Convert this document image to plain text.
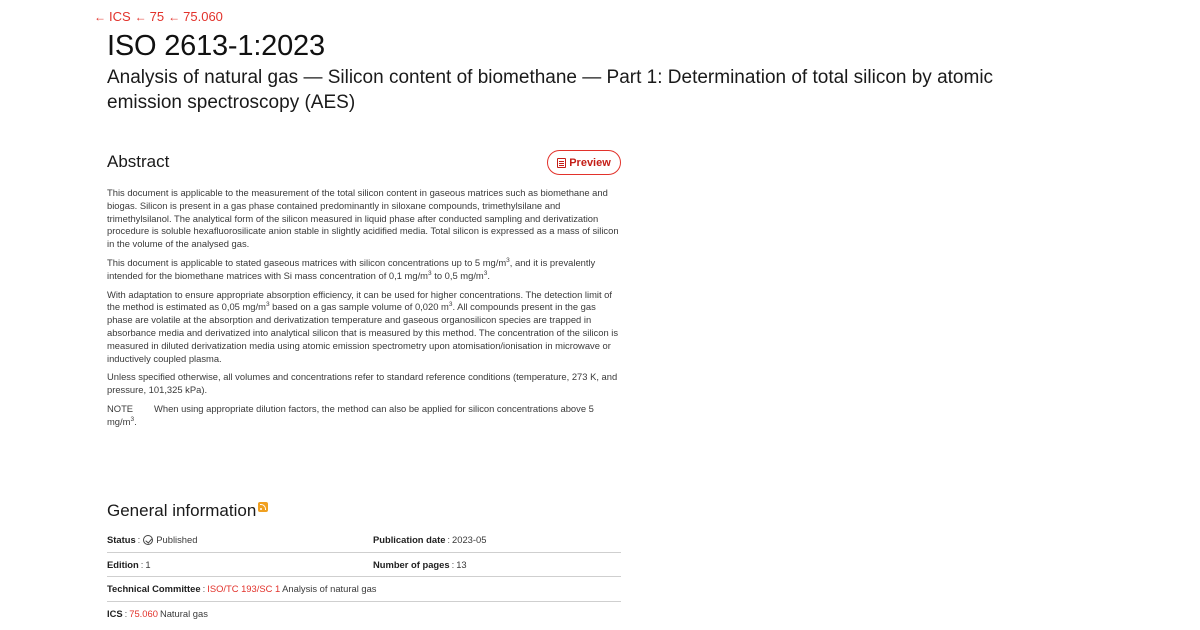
← ICS ← 75 ← 75.060
ISO 2613-1:2023
Analysis of natural gas — Silicon content of biomethane — Part 1: Determination of total silicon by atomic emission spectroscopy (AES)
Abstract	Preview

This document is applicable to the measurement of the total silicon content in gaseous matrices such as biomethane and biogas. Silicon is present in a gas phase contained predominantly in siloxane compounds, trimethylsilane and trimethylsilanol. The analytical form of the silicon measured in liquid phase after conducted sampling and derivatization procedure is soluble hexafluorosilicate anion stable in slightly acidified media. Total silicon is expressed as a mass of silicon in the volume of the analysed gas.

This document is applicable to stated gaseous matrices with silicon concentrations up to 5 $mg/m^3$, and it is prevalently intended for the biomethane matrices with Si mass concentration of 0,1 $mg/m^3$ to 0,5 $mg/m^3$.

With adaptation to ensure appropriate absorption efficiency, it can be used for higher concentrations. The detection limit of the method is estimated as 0,05 $mg/m^3$ based on a gas sample volume of 0,020 $m^3$. All compounds present in the gas phase are volatile at the absorption and derivatization temperature and gaseous organosilicon species are trapped in absorbance media and derivatized into analytical silicon that is measured by this method. The concentration of the silicon is measured in diluted derivatization media using atomic emission spectrometry upon atomisation/ionisation in microwave or inductively coupled plasma.

Unless specified otherwise, all volumes and concentrations refer to standard reference conditions (temperature, 273 K, and pressure, 101,325 kPa).

NOTE When using appropriate dilution factors, the method can also be applied for silicon concentrations above 5 $mg/m^3$.

General information
Status : Published	Publication date : 2023-05
Edition : 1	Number of pages : 13
Technical Committee : ISO/TC 193/SC 1 Analysis of natural gas
ICS : 75.060 Natural gas
